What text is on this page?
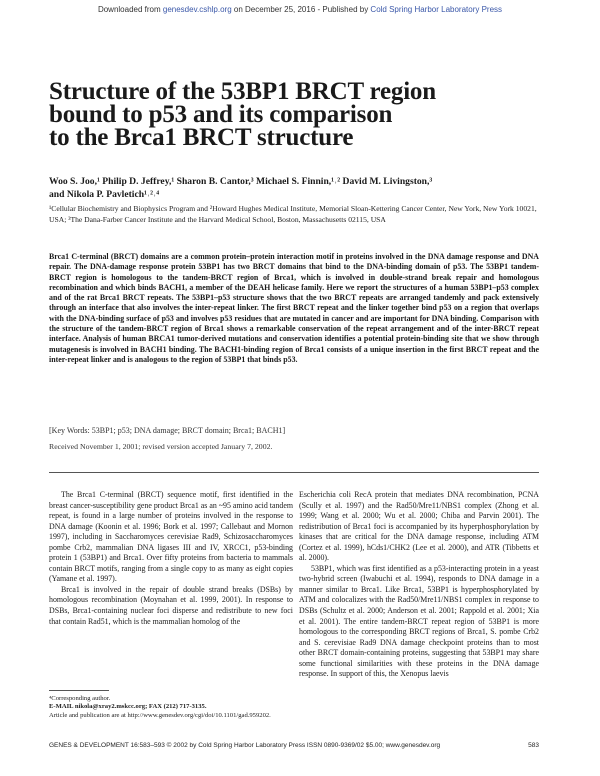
Downloaded from genesdev.cshlp.org on December 25, 2016 - Published by Cold Spring Harbor Laboratory Press
Structure of the 53BP1 BRCT region
bound to p53 and its comparison
to the Brca1 BRCT structure
Woo S. Joo,¹ Philip D. Jeffrey,¹ Sharon B. Cantor,³ Michael S. Finnin,¹˒² David M. Livingston,³
and Nikola P. Pavletich¹˒²˒⁴
¹Cellular Biochemistry and Biophysics Program and ²Howard Hughes Medical Institute, Memorial Sloan-Kettering Cancer Center, New York, New York 10021, USA; ³The Dana-Farber Cancer Institute and the Harvard Medical School, Boston, Massachusetts 02115, USA
Brca1 C-terminal (BRCT) domains are a common protein–protein interaction motif in proteins involved in the DNA damage response and DNA repair. The DNA-damage response protein 53BP1 has two BRCT domains that bind to the DNA-binding domain of p53. The 53BP1 tandem-BRCT region is homologous to the tandem-BRCT region of Brca1, which is involved in double-strand break repair and homologous recombination and which binds BACH1, a member of the DEAH helicase family. Here we report the structures of a human 53BP1–p53 complex and of the rat Brca1 BRCT repeats. The 53BP1–p53 structure shows that the two BRCT repeats are arranged tandemly and pack extensively through an interface that also involves the inter-repeat linker. The first BRCT repeat and the linker together bind p53 on a region that overlaps with the DNA-binding surface of p53 and involves p53 residues that are mutated in cancer and are important for DNA binding. Comparison with the structure of the tandem-BRCT region of Brca1 shows a remarkable conservation of the repeat arrangement and of the inter-BRCT repeat interface. Analysis of human BRCA1 tumor-derived mutations and conservation identifies a potential protein-binding site that we show through mutagenesis is involved in BACH1 binding. The BACH1-binding region of Brca1 consists of a unique insertion in the first BRCT repeat and the inter-repeat linker and is analogous to the region of 53BP1 that binds p53.
[Key Words: 53BP1; p53; DNA damage; BRCT domain; Brca1; BACH1]
Received November 1, 2001; revised version accepted January 7, 2002.

The Brca1 C-terminal (BRCT) sequence motif, first identified in the breast cancer-susceptibility gene product Brca1 as an ~95 amino acid tandem repeat, is found in a large number of proteins involved in the response to DNA damage (Koonin et al. 1996; Bork et al. 1997; Callebaut and Mornon 1997), including in Saccharomyces cerevisiae Rad9, Schizosaccharomyces pombe Crb2, mammalian DNA ligases III and IV, XRCC1, p53-binding protein 1 (53BP1) and Brca1. Over fifty proteins from bacteria to mammals contain BRCT motifs, ranging from a single copy to as many as eight copies (Yamane et al. 1997).

Brca1 is involved in the repair of double strand breaks (DSBs) by homologous recombination (Moynahan et al. 1999, 2001). In response to DSBs, Brca1-containing nuclear foci disperse and redistribute to new foci that contain Rad51, which is the mammalian homolog of the

Escherichia coli RecA protein that mediates DNA recombination, PCNA (Scully et al. 1997) and the Rad50/Mre11/NBS1 complex (Zhong et al. 1999; Wang et al. 2000; Wu et al. 2000; Chiba and Parvin 2001). The redistribution of Brca1 foci is accompanied by its hyperphosphorylation by kinases that are critical for the DNA damage response, including ATM (Cortez et al. 1999), hCds1/CHK2 (Lee et al. 2000), and ATR (Tibbetts et al. 2000).

53BP1, which was first identified as a p53-interacting protein in a yeast two-hybrid screen (Iwabuchi et al. 1994), responds to DNA damage in a manner similar to Brca1. Like Brca1, 53BP1 is hyperphosphorylated by ATM and colocalizes with the Rad50/Mre11/NBS1 complex in response to DSBs (Schultz et al. 2000; Anderson et al. 2001; Rappold et al. 2001; Xia et al. 2001). The entire tandem-BRCT repeat region of 53BP1 is more homologous to the corresponding BRCT regions of Brca1, S. pombe Crb2 and S. cerevisiae Rad9 DNA damage checkpoint proteins than to most other BRCT domain-containing proteins, suggesting that 53BP1 may share some functional similarities with these proteins in the DNA damage response. In support of this, the Xenopus laevis

⁴Corresponding author.
E-MAIL nikola@xray2.mskcc.org; FAX (212) 717-3135.
Article and publication are at http://www.genesdev.org/cgi/doi/10.1101/gad.959202.
GENES & DEVELOPMENT 16:583–593 © 2002 by Cold Spring Harbor Laboratory Press ISSN 0890-9369/02 $5.00; www.genesdev.org	583
